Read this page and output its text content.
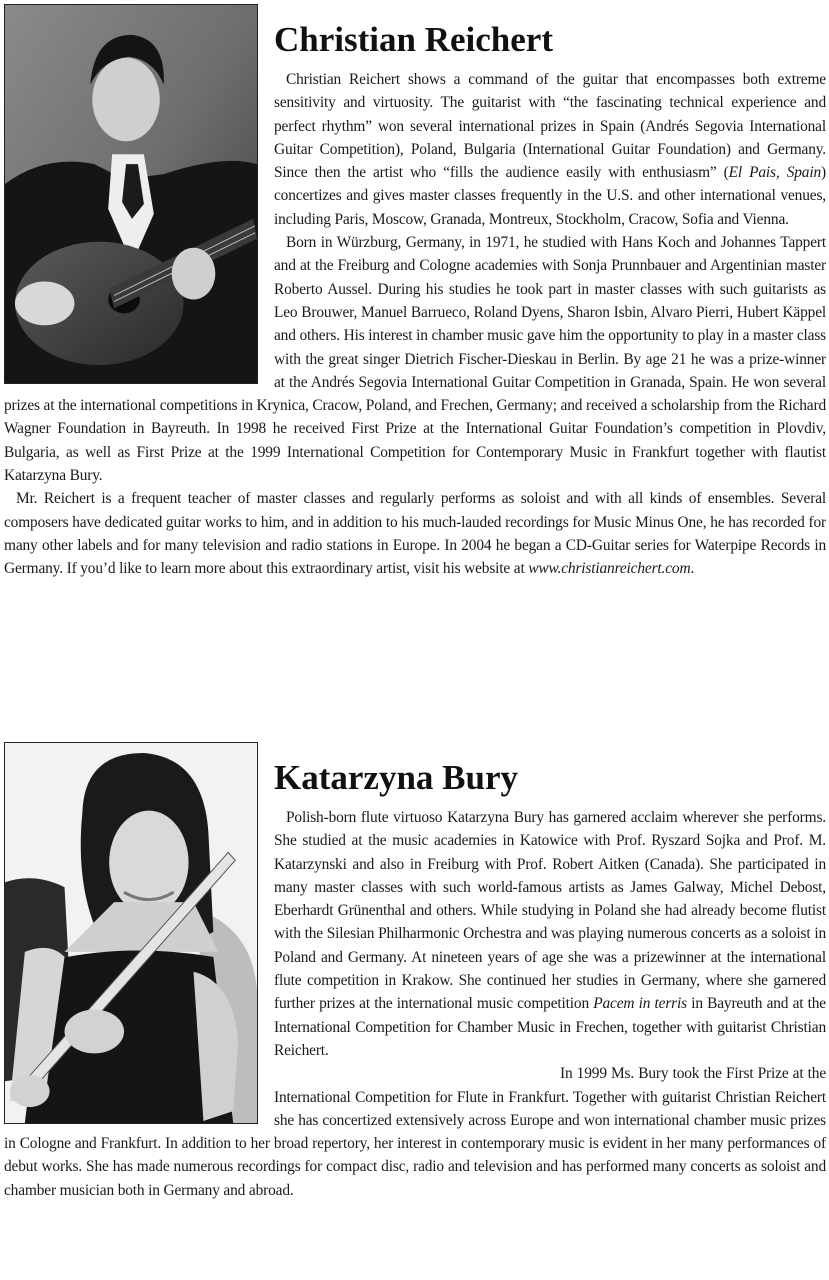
Christian Reichert

Christian Reichert shows a command of the guitar that encompasses both extreme sensitivity and virtuosity. The guitarist with “the fascinating technical experience and perfect rhythm” won several international prizes in Spain (Andrés Segovia International Guitar Competition), Poland, Bulgaria (International Guitar Foundation) and Germany. Since then the artist who “fills the audience easily with enthusiasm” (El Pais, Spain) concertizes and gives master classes frequently in the U.S. and other international venues, including Paris, Moscow, Granada, Montreux, Stockholm, Cracow, Sofia and Vienna.

Born in Würzburg, Germany, in 1971, he studied with Hans Koch and Johannes Tappert and at the Freiburg and Cologne academies with Sonja Prunnbauer and Argentinian master Roberto Aussel. During his studies he took part in master classes with such guitarists as Leo Brouwer, Manuel Barrueco, Roland Dyens, Sharon Isbin, Alvaro Pierri, Hubert Käppel and others. His interest in chamber music gave him the opportunity to play in a master class with the great singer Dietrich Fischer-Dieskau in Berlin. By age 21 he was a prize-winner at the Andrés Segovia International Guitar Competition in Granada, Spain. He won several prizes at the international competitions in Krynica, Cracow, Poland, and Frechen, Germany; and received a scholarship from the Richard Wagner Foundation in Bayreuth. In 1998 he received First Prize at the International Guitar Foundation’s competition in Plovdiv, Bulgaria, as well as First Prize at the 1999 International Competition for Contemporary Music in Frankfurt together with flautist Katarzyna Bury.

Mr. Reichert is a frequent teacher of master classes and regularly performs as soloist and with all kinds of ensembles. Several composers have dedicated guitar works to him, and in addition to his much-lauded recordings for Music Minus One, he has recorded for many other labels and for many television and radio stations in Europe. In 2004 he began a CD-Guitar series for Waterpipe Records in Germany. If you’d like to learn more about this extraordinary artist, visit his website at www.christianreichert.com.

Katarzyna Bury

Polish-born flute virtuoso Katarzyna Bury has garnered acclaim wherever she performs. She studied at the music academies in Katowice with Prof. Ryszard Sojka and Prof. M. Katarzynski and also in Freiburg with Prof. Robert Aitken (Canada). She participated in many master classes with such world-famous artists as James Galway, Michel Debost, Eberhardt Grünenthal and others. While studying in Poland she had already become flutist with the Silesian Philharmonic Orchestra and was playing numerous concerts as a soloist in Poland and Germany. At nineteen years of age she was a prizewinner at the international flute competition in Krakow. She continued her studies in Germany, where she garnered further prizes at the international music competition Pacem in terris in Bayreuth and at the International Competition for Chamber Music in Frechen, together with guitarist Christian Reichert.

In 1999 Ms. Bury took the First Prize at the International Competition for Flute in Frankfurt. Together with guitarist Christian Reichert she has concertized extensively across Europe and won international chamber music prizes in Cologne and Frankfurt. In addition to her broad repertory, her interest in contemporary music is evident in her many performances of debut works. She has made numerous recordings for compact disc, radio and television and has performed many concerts as soloist and chamber musician both in Germany and abroad.
